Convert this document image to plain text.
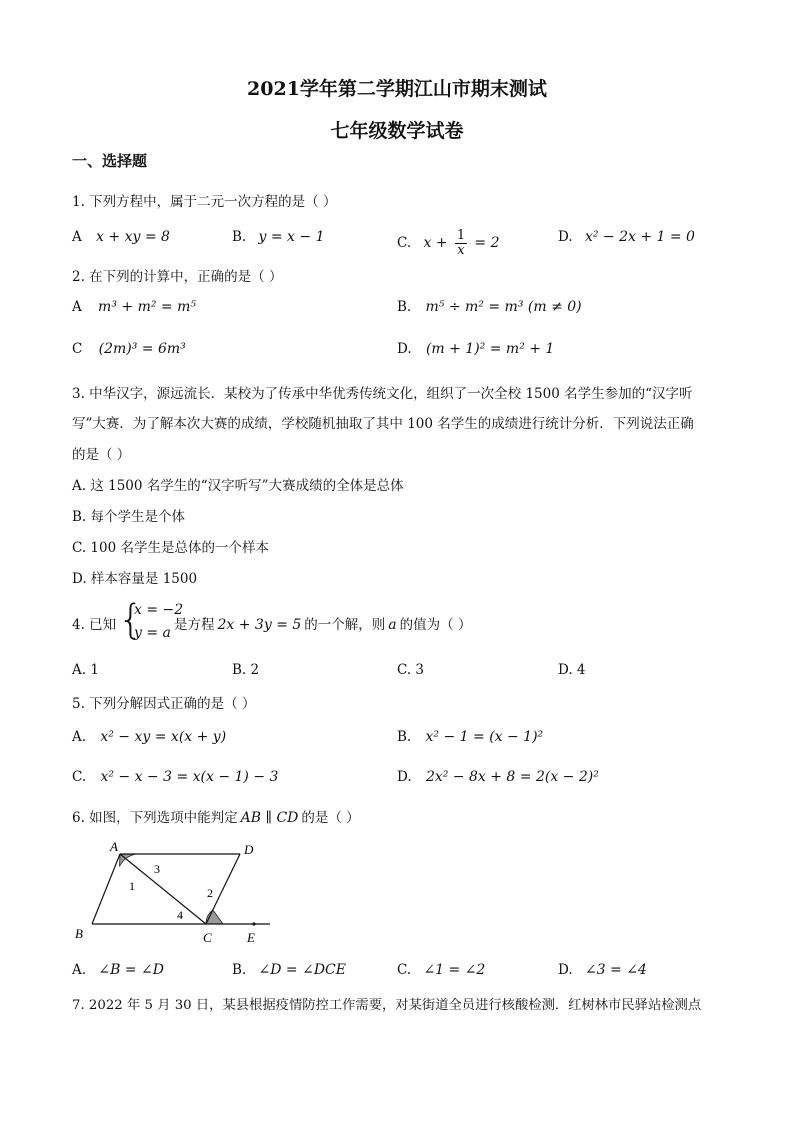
2021学年第二学期江山市期末测试
七年级数学试卷
一、选择题
1. 下列方程中，属于二元一次方程的是（ ）
A x + xy = 8	B. y = x − 1	C. $x + \frac{1}{x} = 2$	D. x² − 2x + 1 = 0
2. 在下列的计算中，正确的是（ ）
A m³ + m² = m⁵	B. m⁵ ÷ m² = m³ (m ≠ 0)
C (2m)³ = 6m³	D. (m + 1)² = m² + 1
3. 中华汉字，源远流长．某校为了传承中华优秀传统文化，组织了一次全校 1500 名学生参加的“汉字听
写”大赛．为了解本次大赛的成绩，学校随机抽取了其中 100 名学生的成绩进行统计分析．下列说法正确
的是（ ）
A. 这 1500 名学生的“汉字听写”大赛成绩的全体是总体
B. 每个学生是个体
C. 100 名学生是总体的一个样本
D. 样本容量是 1500
4. 已知 {
x = −2
y = a 是方程 2x + 3y = 5 的一个解，则 a 的值为（ ）
A. 1	B. 2	C. 3	D. 4
5. 下列分解因式正确的是（ ）
A. x² − xy = x(x + y)	B. x² − 1 = (x − 1)²
C. x² − x − 3 = x(x − 1) − 3	D. 2x² − 8x + 8 = 2(x − 2)²
6. 如图，下列选项中能判定 AB ∥ CD 的是（ ）
A	D
B	C	E
1
3
2
4
A. ∠B = ∠D	B. ∠D = ∠DCE	C. ∠1 = ∠2	D. ∠3 = ∠4
7. 2022 年 5 月 30 日，某县根据疫情防控工作需要，对某街道全员进行核酸检测．红树林市民驿站检测点
